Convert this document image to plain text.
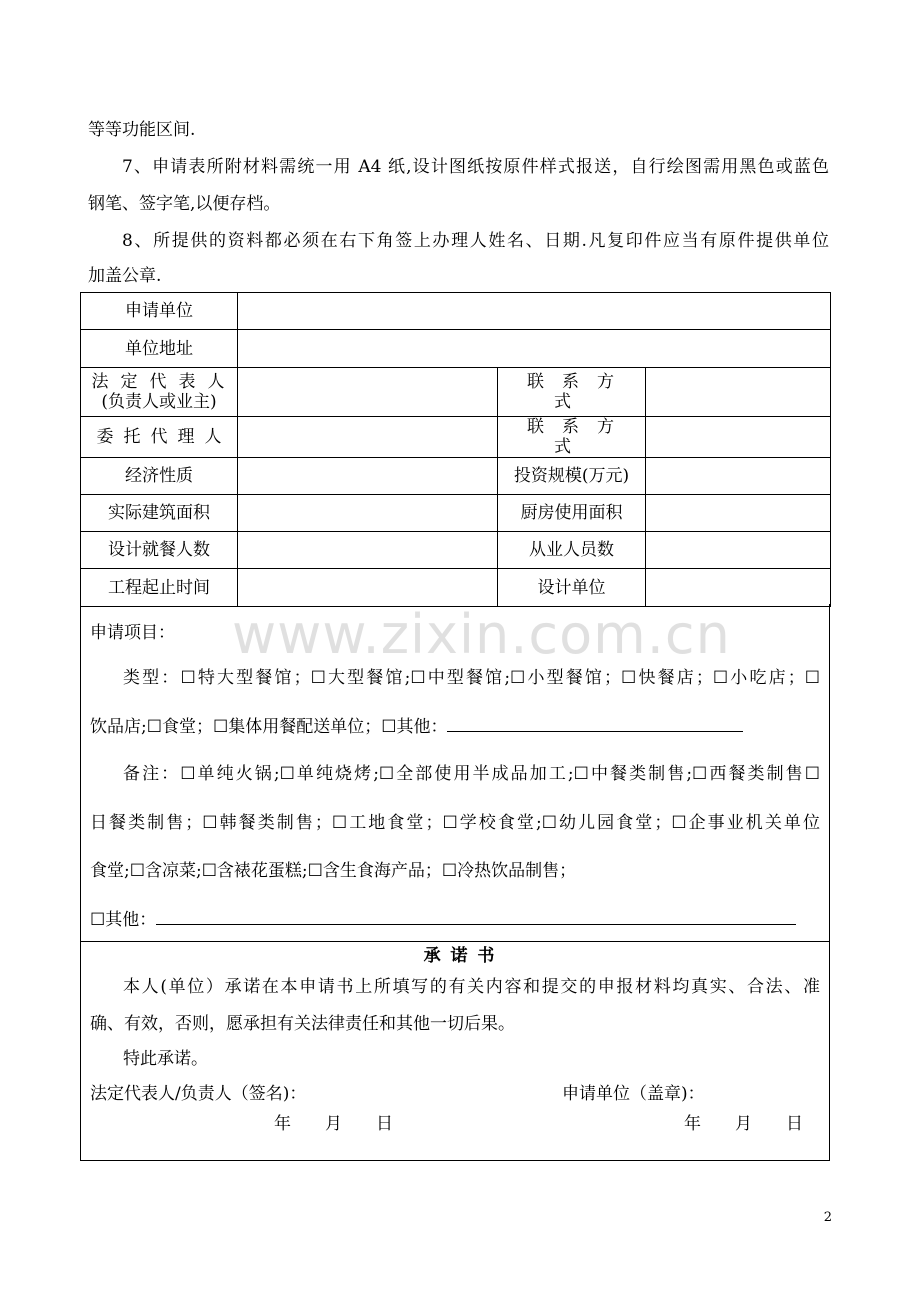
等等功能区间.
7、申请表所附材料需统一用 A4 纸,设计图纸按原件样式报送，自行绘图需用黑色或蓝色
钢笔、签字笔,以便存档。
8、所提供的资料都必须在右下角签上办理人姓名、日期.凡复印件应当有原件提供单位
加盖公章.
申请单位			
单位地址			

法定代表人
(负责人或业主)		联系方式	
委托代理人		联系方式	
经济性质		投资规模(万元)	
实际建筑面积		厨房使用面积	
设计就餐人数		从业人员数	
工程起止时间		设计单位	
申请项目：
类型：☐特大型餐馆；☐大型餐馆;☐中型餐馆;☐小型餐馆；☐快餐店；☐小吃店；☐
饮品店;☐食堂；☐集体用餐配送单位；☐其他：
备注：☐单纯火锅;☐单纯烧烤;☐全部使用半成品加工;☐中餐类制售;☐西餐类制售☐
日餐类制售；☐韩餐类制售；☐工地食堂；☐学校食堂;☐幼儿园食堂；☐企事业机关单位
食堂;☐含凉菜;☐含裱花蛋糕;☐含生食海产品；☐冷热饮品制售；
☐其他：
承 诺 书
本人(单位）承诺在本申请书上所填写的有关内容和提交的申报材料均真实、合法、准
确、有效，否则，愿承担有关法律责任和其他一切后果。
特此承诺。
法定代表人/负责人（签名)：	申请单位（盖章)：
年　　月　　日	年　　月　　日
www.zixin.com.cn
2
